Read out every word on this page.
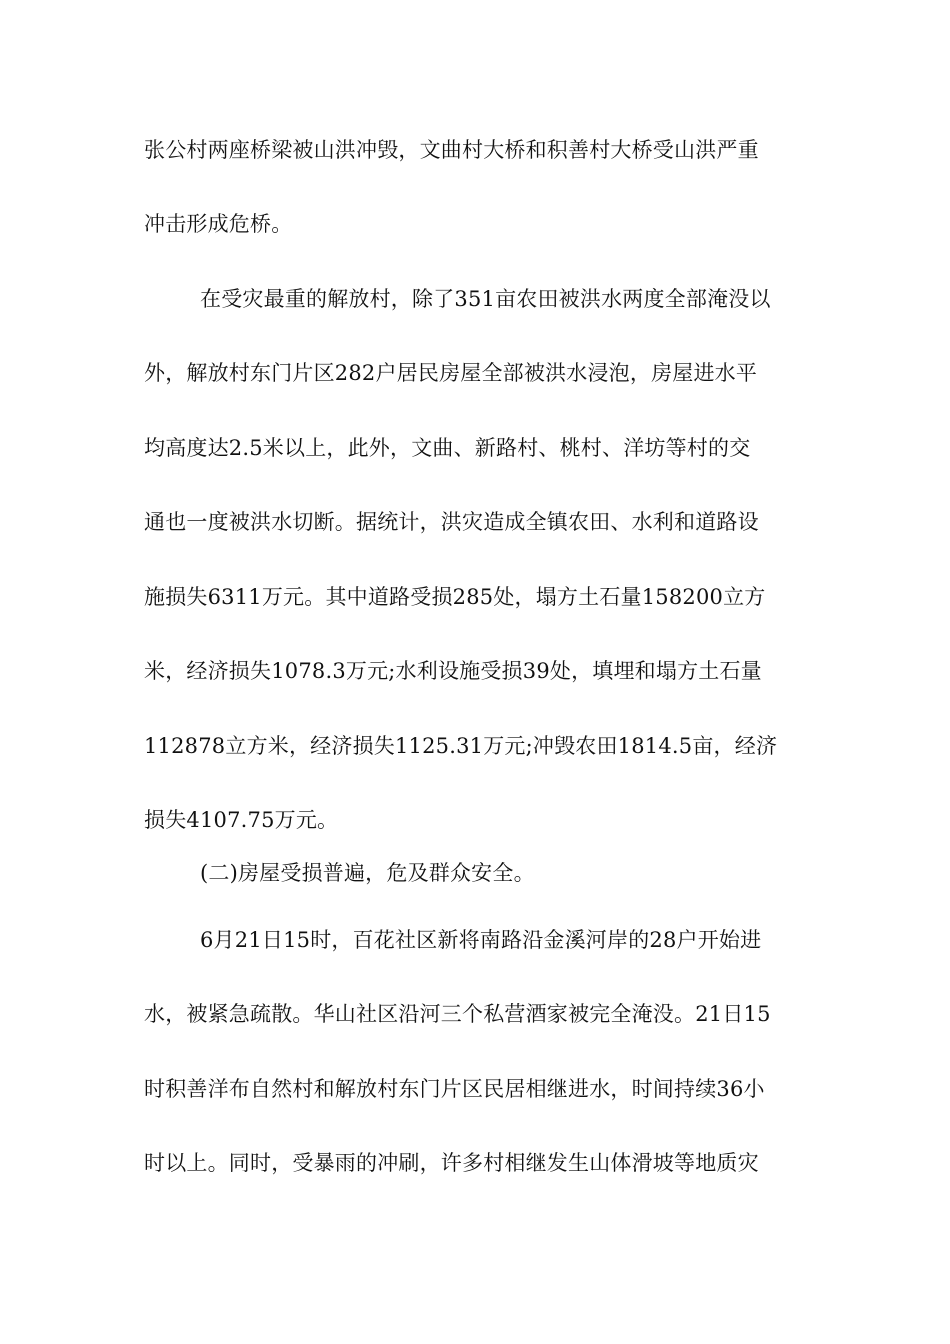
张公村两座桥梁被山洪冲毁，文曲村大桥和积善村大桥受山洪严重
冲击形成危桥。
在受灾最重的解放村，除了351亩农田被洪水两度全部淹没以
外，解放村东门片区282户居民房屋全部被洪水浸泡，房屋进水平
均高度达2.5米以上，此外，文曲、新路村、桃村、洋坊等村的交
通也一度被洪水切断。据统计，洪灾造成全镇农田、水利和道路设
施损失6311万元。其中道路受损285处，塌方土石量158200立方
米，经济损失1078.3万元;水利设施受损39处，填埋和塌方土石量
112878立方米，经济损失1125.31万元;冲毁农田1814.5亩，经济
损失4107.75万元。
(二)房屋受损普遍，危及群众安全。
6月21日15时，百花社区新将南路沿金溪河岸的28户开始进
水，被紧急疏散。华山社区沿河三个私营酒家被完全淹没。21日15
时积善洋布自然村和解放村东门片区民居相继进水，时间持续36小
时以上。同时，受暴雨的冲刷，许多村相继发生山体滑坡等地质灾
